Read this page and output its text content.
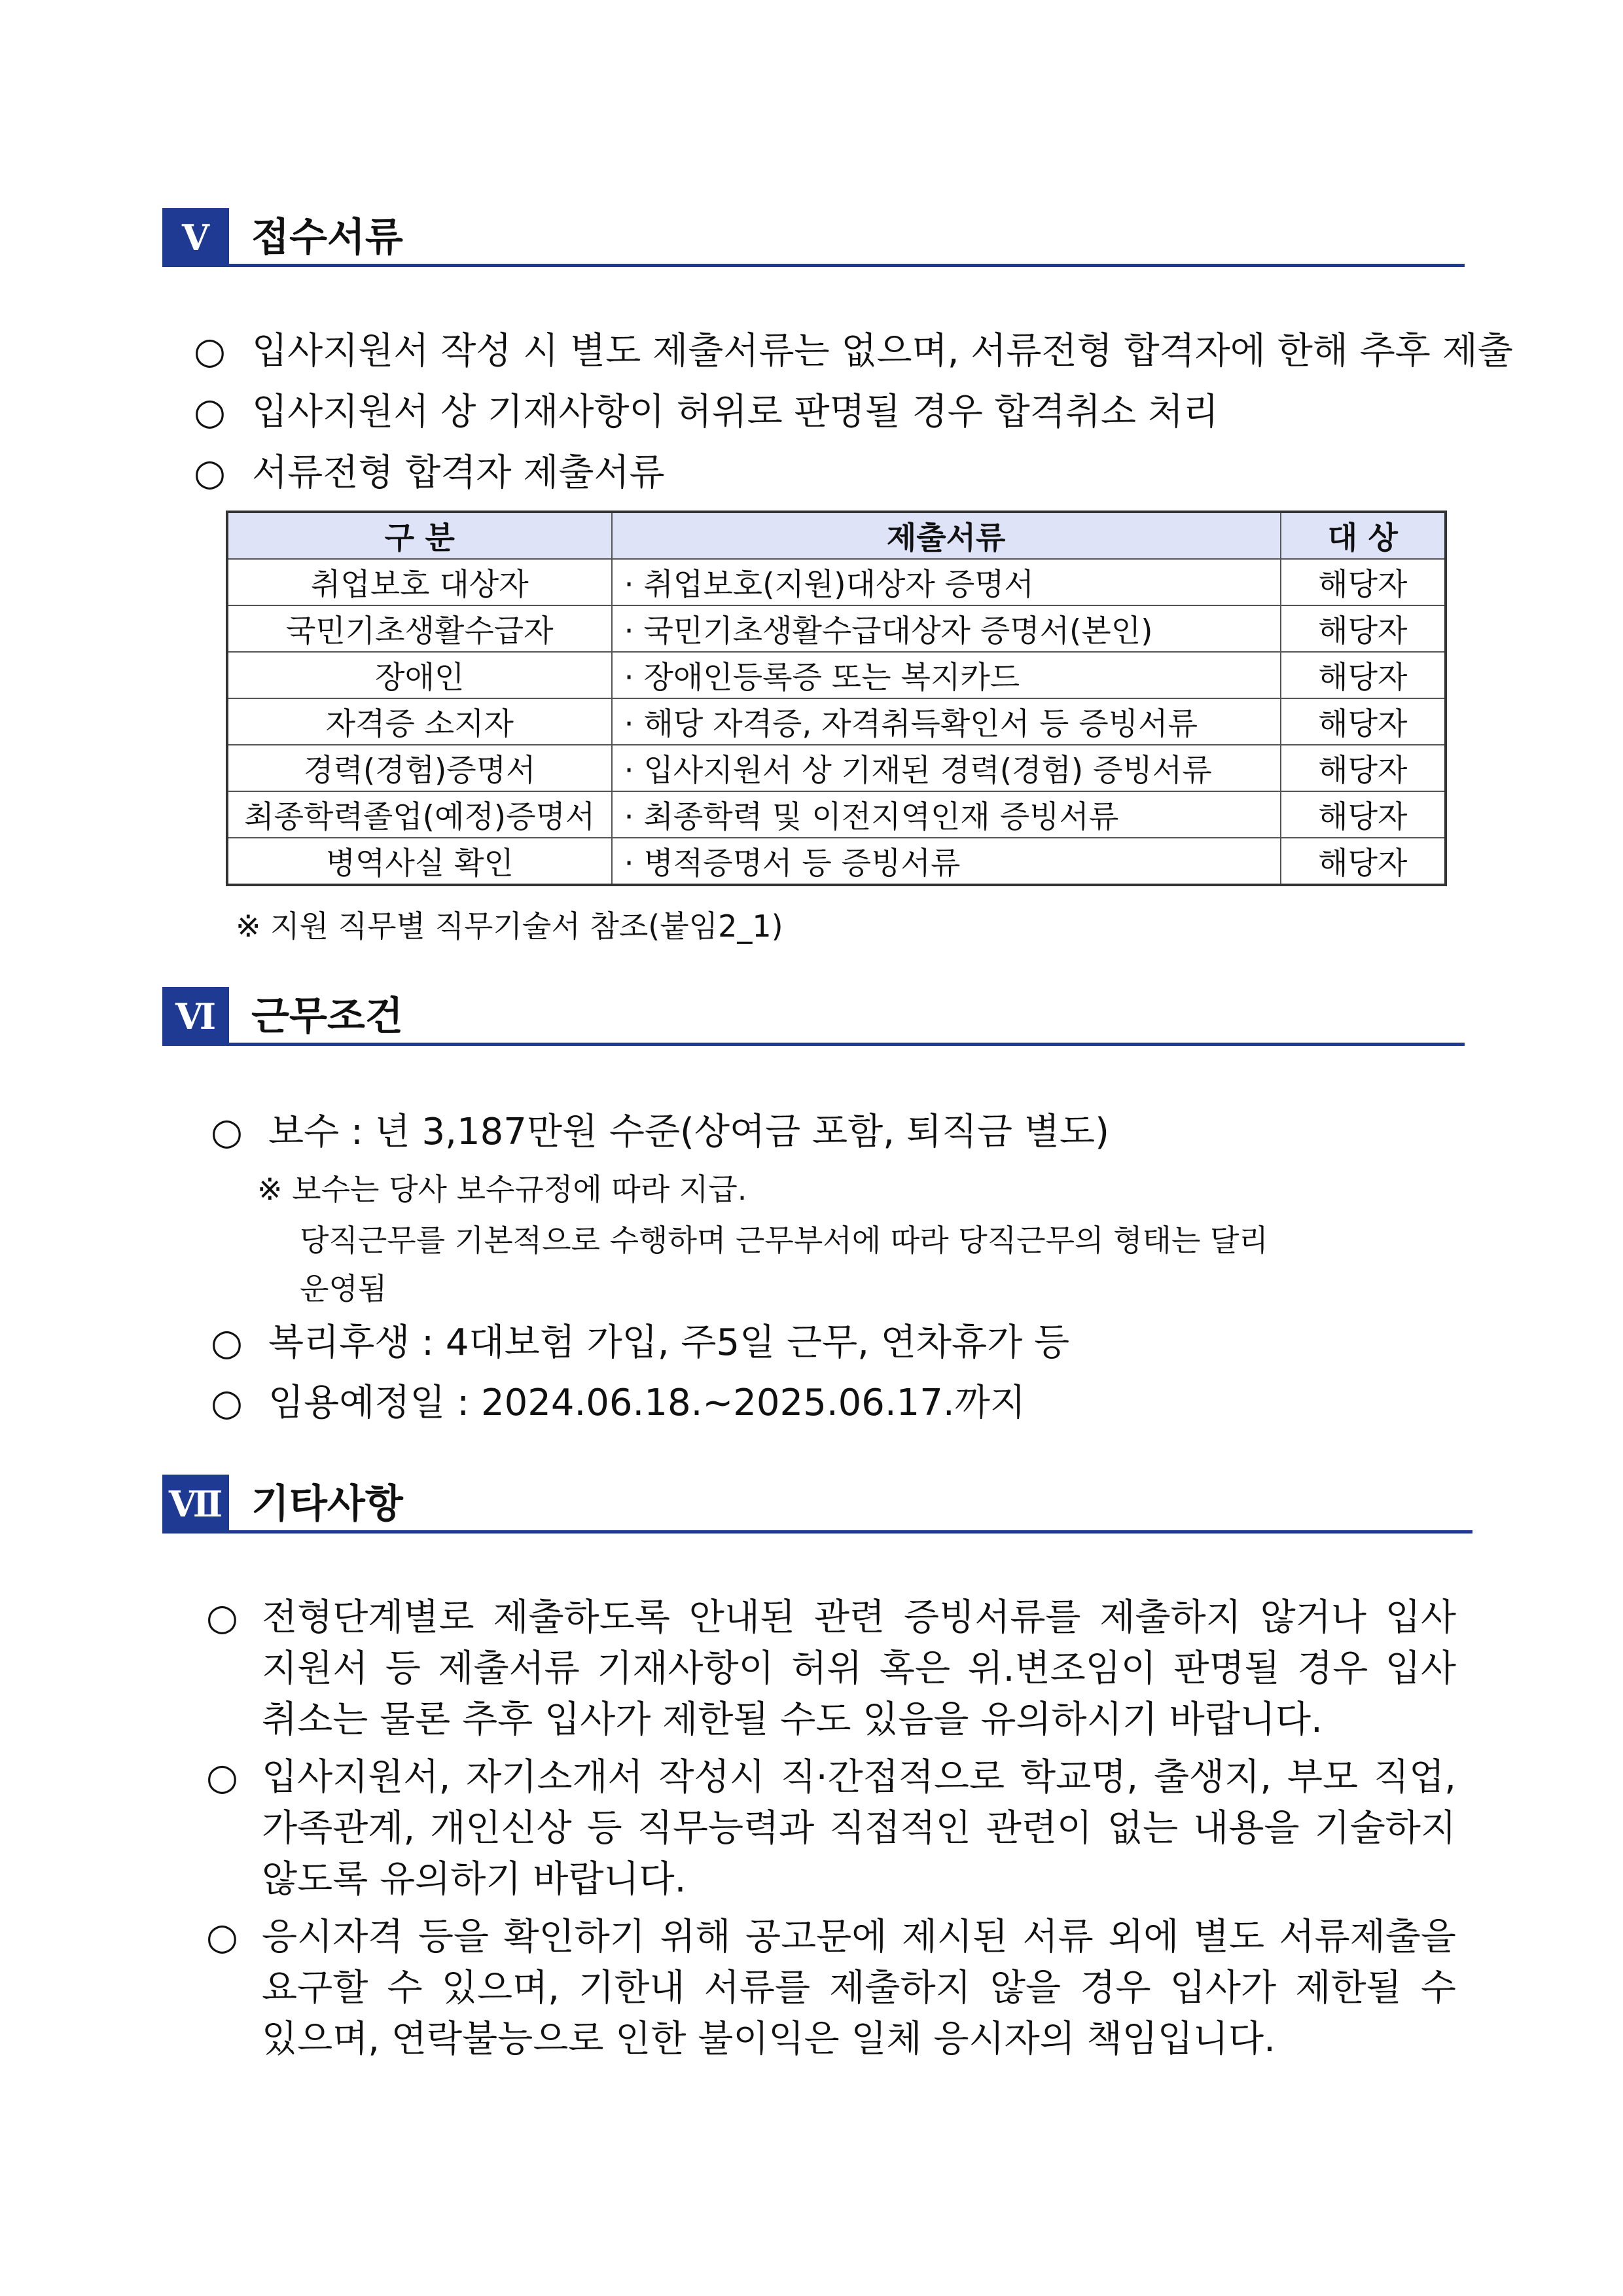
Ⅴ	접수서류
○ 입사지원서 작성 시 별도 제출서류는 없으며, 서류전형 합격자에 한해 추후 제출
○ 입사지원서 상 기재사항이 허위로 판명될 경우 합격취소 처리
○ 서류전형 합격자 제출서류
구 분	제출서류	대 상
취업보호 대상자	· 취업보호(지원)대상자 증명서	해당자
국민기초생활수급자	· 국민기초생활수급대상자 증명서(본인)	해당자
장애인	· 장애인등록증 또는 복지카드	해당자
자격증 소지자	· 해당 자격증, 자격취득확인서 등 증빙서류	해당자
경력(경험)증명서	· 입사지원서 상 기재된 경력(경험) 증빙서류	해당자
최종학력졸업(예정)증명서	· 최종학력 및 이전지역인재 증빙서류	해당자
병역사실 확인	· 병적증명서 등 증빙서류	해당자
※ 지원 직무별 직무기술서 참조(붙임2_1)
Ⅵ 근무조건
○ 보수 : 년 3,187만원 수준(상여금 포함, 퇴직금 별도)
※ 보수는 당사 보수규정에 따라 지급.
당직근무를 기본적으로 수행하며 근무부서에 따라 당직근무의 형태는 달리
운영됨
○ 복리후생 : 4대보험 가입, 주5일 근무, 연차휴가 등
○ 임용예정일 : 2024.06.18.~2025.06.17.까지
Ⅶ 기타사항
○ 전형단계별로 제출하도록 안내된 관련 증빙서류를 제출하지 않거나 입사
지원서 등 제출서류 기재사항이 허위 혹은 위.변조임이 판명될 경우 입사
취소는 물론 추후 입사가 제한될 수도 있음을 유의하시기 바랍니다.
○ 입사지원서, 자기소개서 작성시 직·간접적으로 학교명, 출생지, 부모 직업,
가족관계, 개인신상 등 직무능력과 직접적인 관련이 없는 내용을 기술하지
않도록 유의하기 바랍니다.
○ 응시자격 등을 확인하기 위해 공고문에 제시된 서류 외에 별도 서류제출을
요구할 수 있으며, 기한내 서류를 제출하지 않을 경우 입사가 제한될 수
있으며, 연락불능으로 인한 불이익은 일체 응시자의 책임입니다.
